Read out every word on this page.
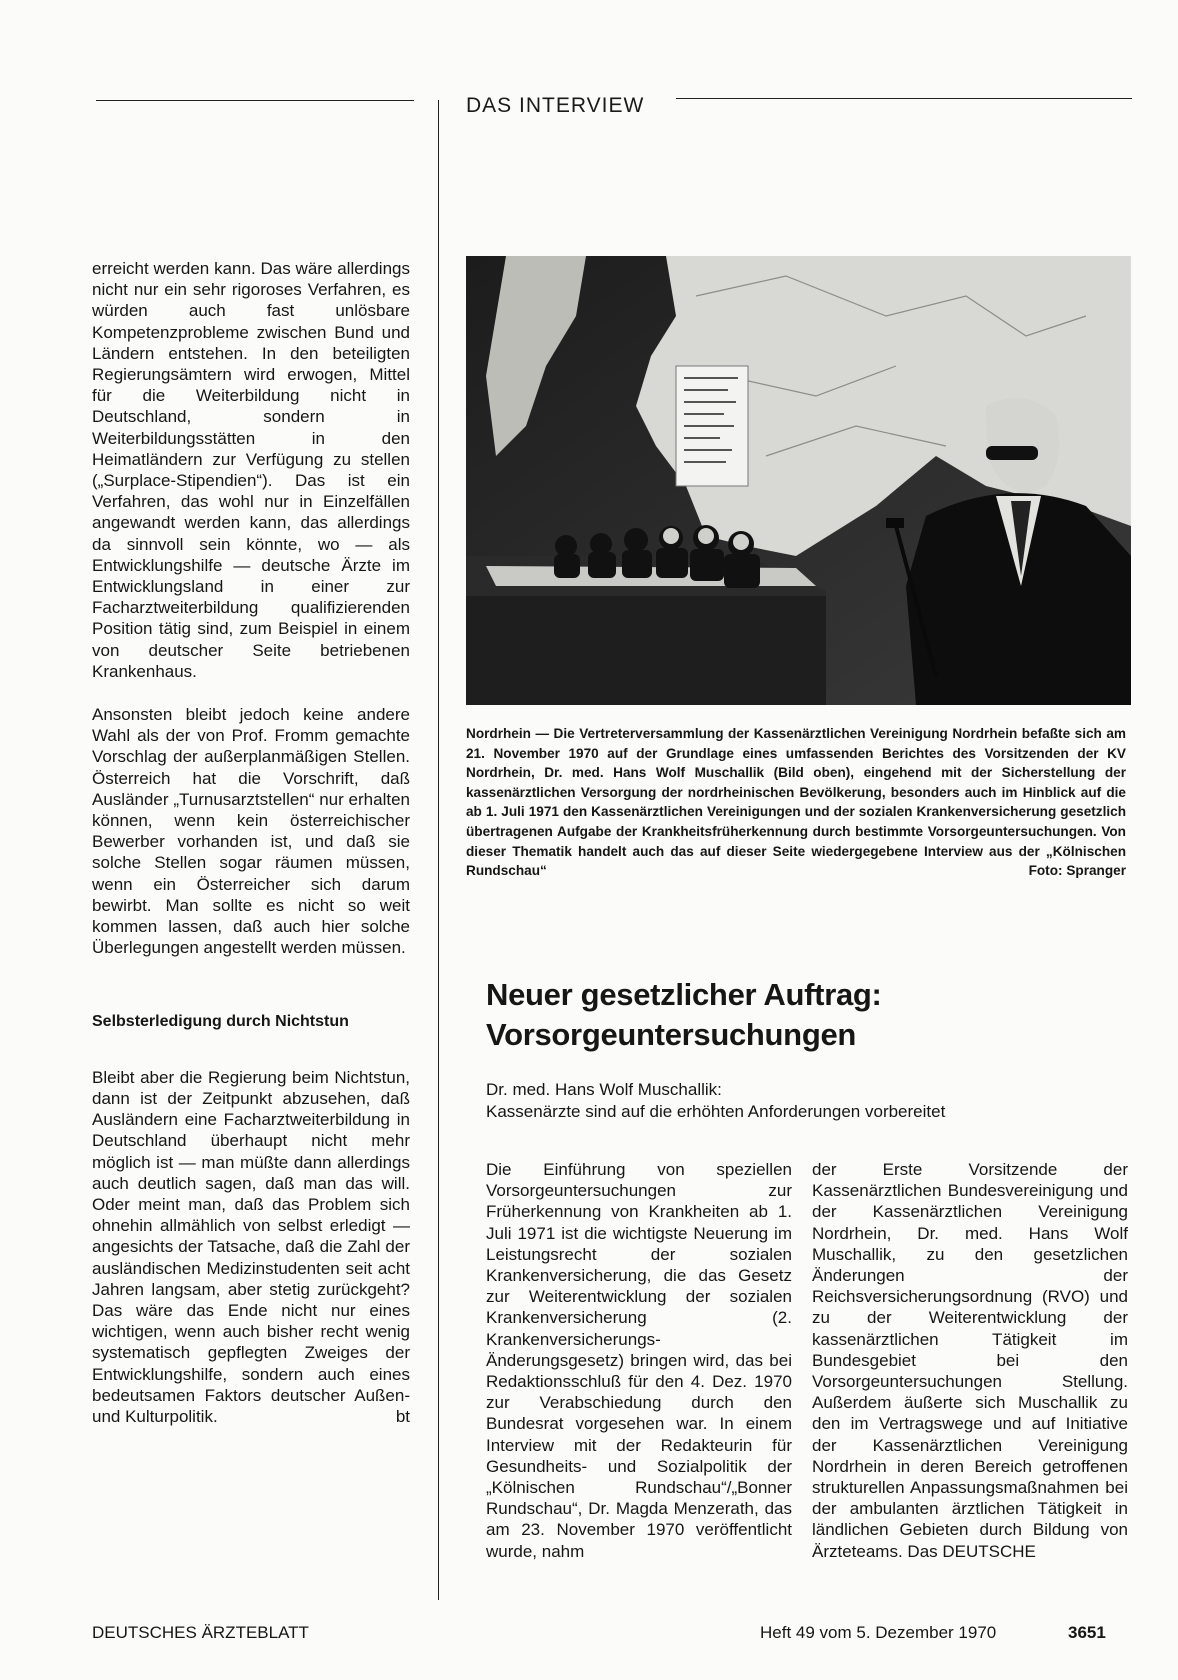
DAS INTERVIEW

erreicht werden kann. Das wäre allerdings nicht nur ein sehr rigoroses Verfahren, es würden auch fast unlösbare Kompetenzprobleme zwischen Bund und Ländern entstehen. In den beteiligten Regierungsämtern wird erwogen, Mittel für die Weiterbildung nicht in Deutschland, sondern in Weiterbildungsstätten in den Heimatländern zur Verfügung zu stellen („Surplace-Stipendien“). Das ist ein Verfahren, das wohl nur in Einzelfällen angewandt werden kann, das allerdings da sinnvoll sein könnte, wo — als Entwicklungshilfe — deutsche Ärzte im Entwicklungsland in einer zur Facharztweiterbildung qualifizierenden Position tätig sind, zum Beispiel in einem von deutscher Seite betriebenen Krankenhaus.

Ansonsten bleibt jedoch keine andere Wahl als der von Prof. Fromm gemachte Vorschlag der außerplanmäßigen Stellen. Österreich hat die Vorschrift, daß Ausländer „Turnusarztstellen“ nur erhalten können, wenn kein österreichischer Bewerber vorhanden ist, und daß sie solche Stellen sogar räumen müssen, wenn ein Österreicher sich darum bewirbt. Man sollte es nicht so weit kommen lassen, daß auch hier solche Überlegungen angestellt werden müssen.

Selbsterledigung durch Nichtstun

Bleibt aber die Regierung beim Nichtstun, dann ist der Zeitpunkt abzusehen, daß Ausländern eine Facharztweiterbildung in Deutschland überhaupt nicht mehr möglich ist — man müßte dann allerdings auch deutlich sagen, daß man das will. Oder meint man, daß das Problem sich ohnehin allmählich von selbst erledigt — angesichts der Tatsache, daß die Zahl der ausländischen Medizinstudenten seit acht Jahren langsam, aber stetig zurückgeht? Das wäre das Ende nicht nur eines wichtigen, wenn auch bisher recht wenig systematisch gepflegten Zweiges der Entwicklungshilfe, sondern auch eines bedeutsamen Faktors deutscher Außen- und Kulturpolitik.	bt

Nordrhein — Die Vertreterversammlung der Kassenärztlichen Vereinigung Nordrhein befaßte sich am 21. November 1970 auf der Grundlage eines umfassenden Berichtes des Vorsitzenden der KV Nordrhein, Dr. med. Hans Wolf Muschallik (Bild oben), eingehend mit der Sicherstellung der kassenärztlichen Versorgung der nordrheinischen Bevölkerung, besonders auch im Hinblick auf die ab 1. Juli 1971 den Kassenärztlichen Vereinigungen und der sozialen Krankenversicherung gesetzlich übertragenen Aufgabe der Krankheitsfrüherkennung durch bestimmte Vorsorgeuntersuchungen. Von dieser Thematik handelt auch das auf dieser Seite wiedergegebene Interview aus der „Kölnischen Rundschau“	Foto: Spranger
Neuer gesetzlicher Auftrag:
Vorsorgeuntersuchungen
Dr. med. Hans Wolf Muschallik:
Kassenärzte sind auf die erhöhten Anforderungen vorbereitet

Die Einführung von speziellen Vorsorgeuntersuchungen zur Früherkennung von Krankheiten ab 1. Juli 1971 ist die wichtigste Neuerung im Leistungsrecht der sozialen Krankenversicherung, die das Gesetz zur Weiterentwicklung der sozialen Krankenversicherung (2. Krankenversicherungs-Änderungsgesetz) bringen wird, das bei Redaktionsschluß für den 4. Dez. 1970 zur Verabschiedung durch den Bundesrat vorgesehen war. In einem Interview mit der Redakteurin für Gesundheits- und Sozialpolitik der „Kölnischen Rundschau“/„Bonner Rundschau“, Dr. Magda Menzerath, das am 23. November 1970 veröffentlicht wurde, nahm

der Erste Vorsitzende der Kassenärztlichen Bundesvereinigung und der Kassenärztlichen Vereinigung Nordrhein, Dr. med. Hans Wolf Muschallik, zu den gesetzlichen Änderungen der Reichsversicherungsordnung (RVO) und zu der Weiterentwicklung der kassenärztlichen Tätigkeit im Bundesgebiet bei den Vorsorgeuntersuchungen Stellung. Außerdem äußerte sich Muschallik zu den im Vertragswege und auf Initiative der Kassenärztlichen Vereinigung Nordrhein in deren Bereich getroffenen strukturellen Anpassungsmaßnahmen bei der ambulanten ärztlichen Tätigkeit in ländlichen Gebieten durch Bildung von Ärzteteams. Das DEUTSCHE

DEUTSCHES ÄRZTEBLATT	Heft 49 vom 5. Dezember 1970	3651
